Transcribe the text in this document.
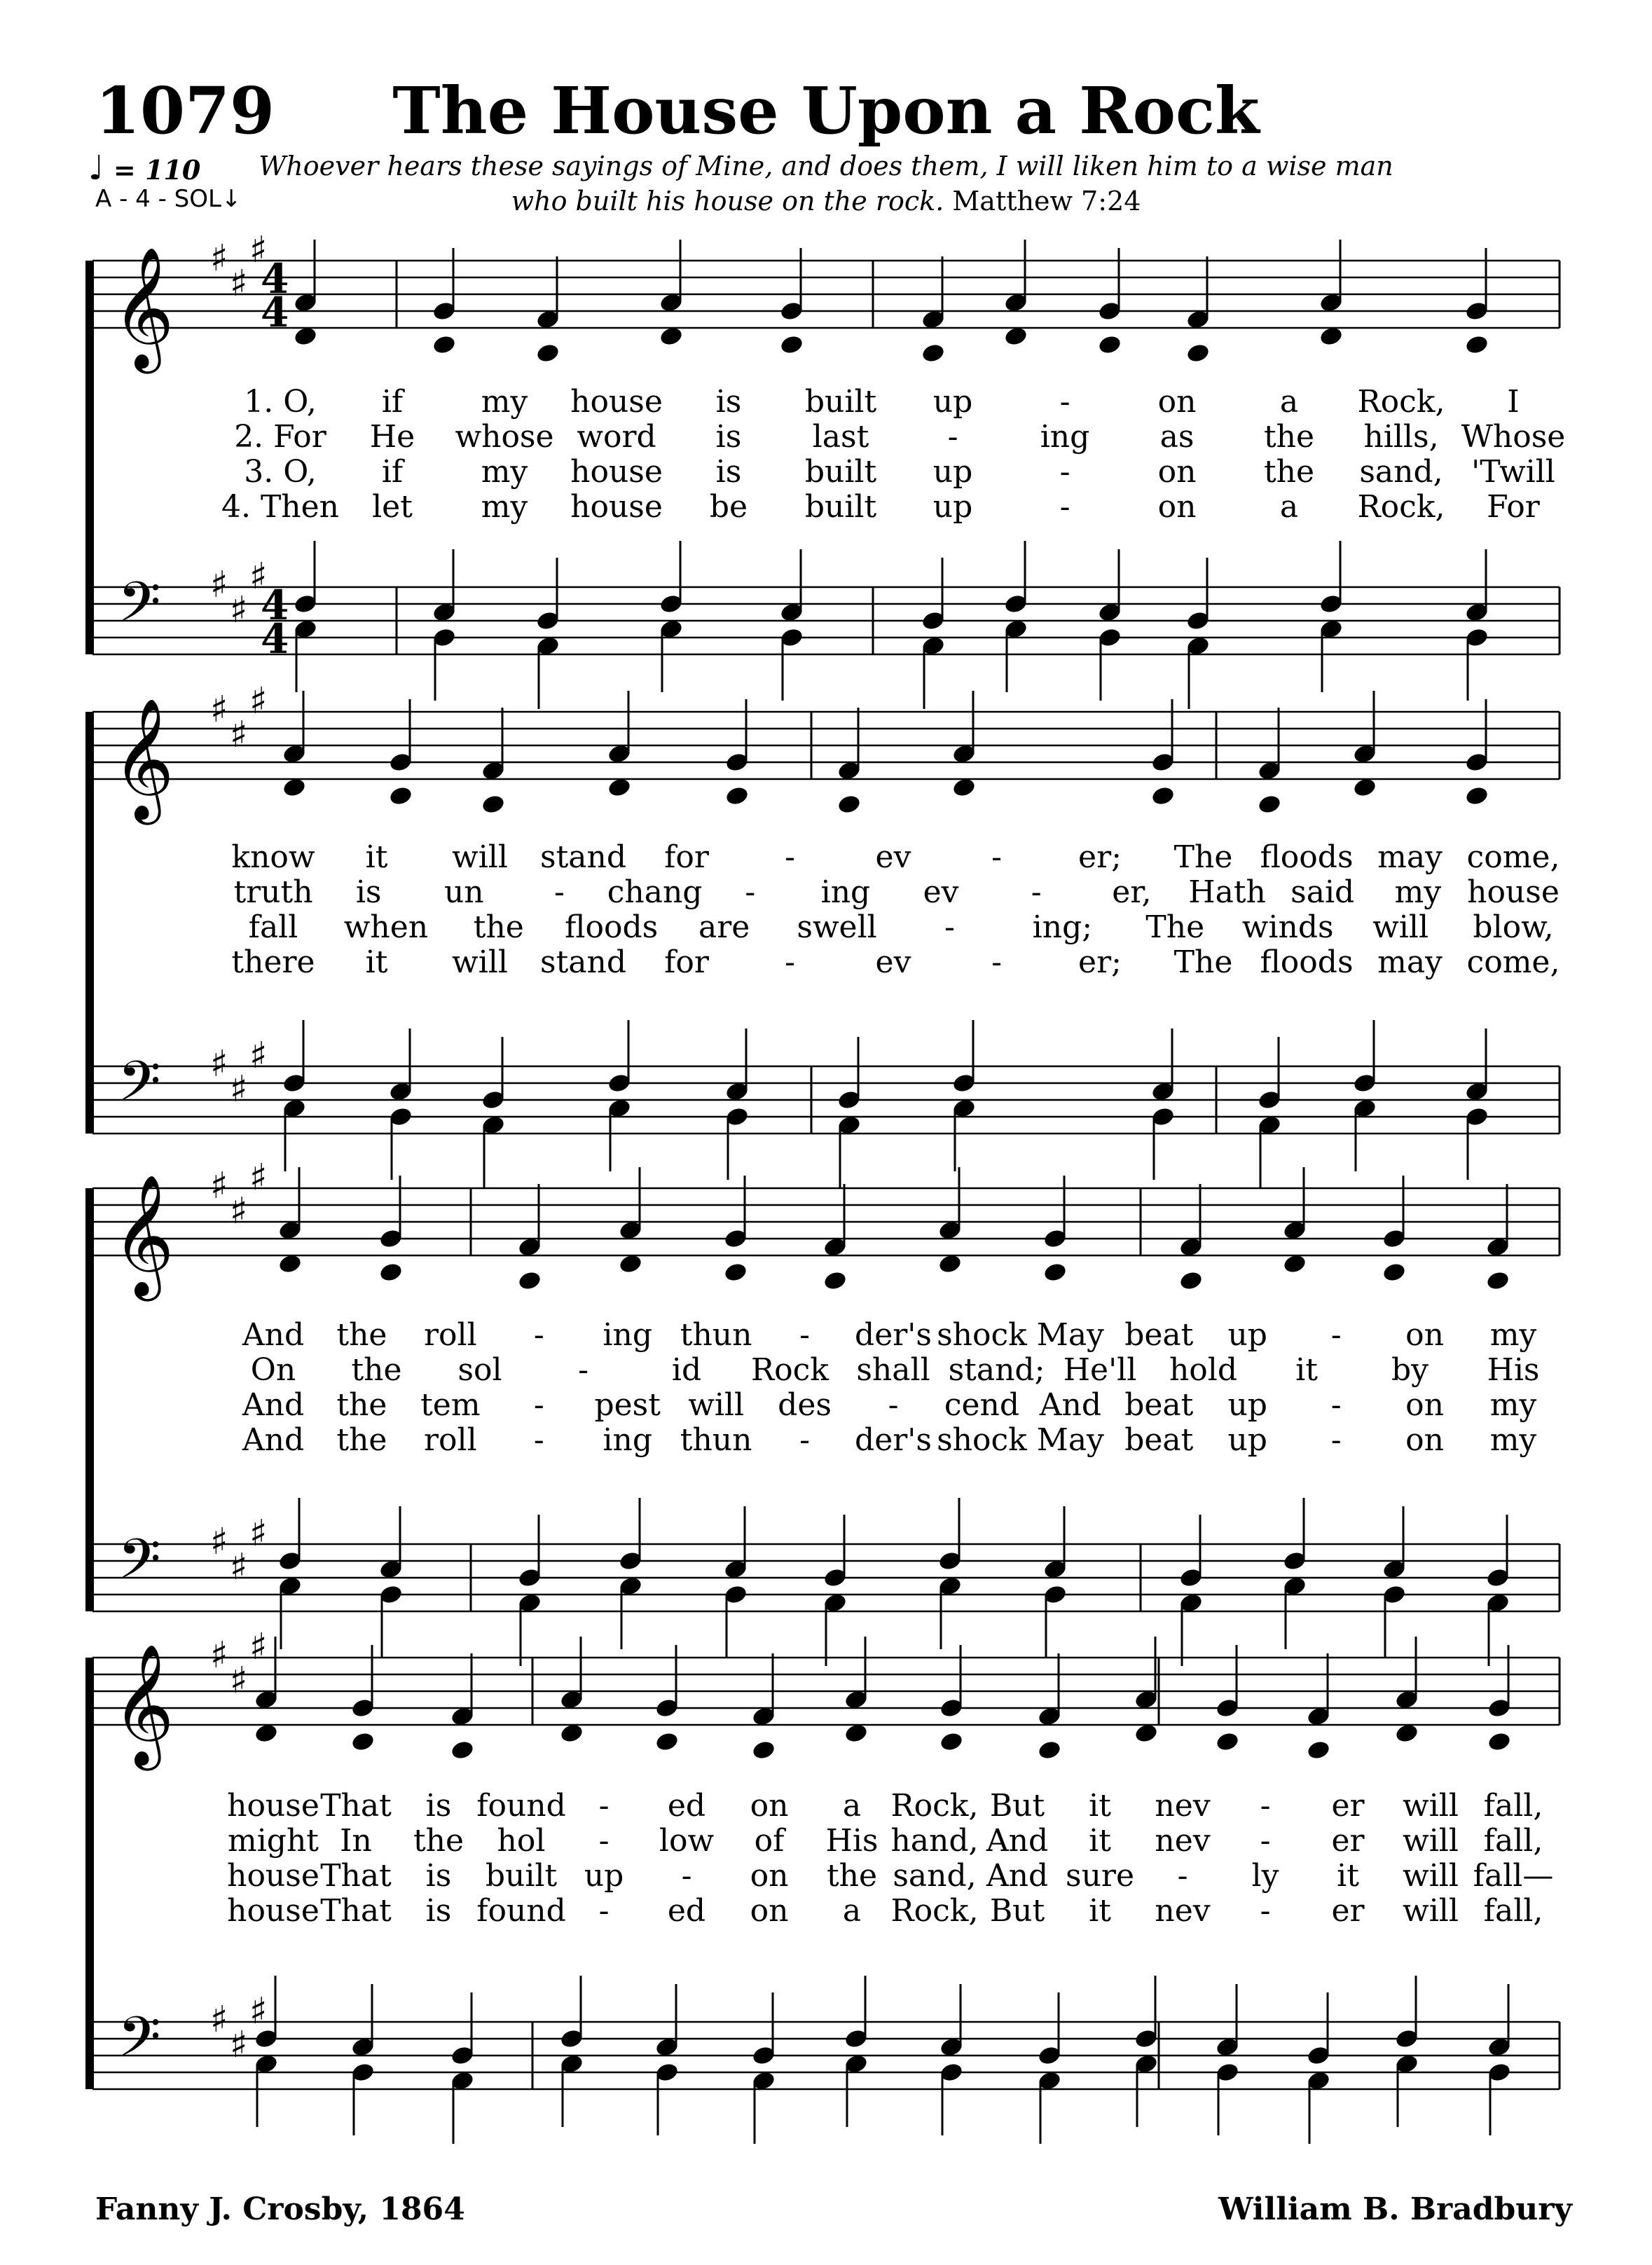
1079	The House Upon a Rock
♩ = 110
A - 4 - SOL↓
Whoever hears these sayings of Mine, and does them, I will liken him to a wise man
who built his house on the rock. Matthew 7:24
𝄞
𝄢
♯
♯
♯
♯
♯
♯
4
4
4
4
𝄞
𝄢
♯
♯
♯
♯
♯
♯
𝄞
𝄢
♯
♯
♯
♯
♯
♯
𝄞
𝄢
♯
♯
♯
♯
♯
♯
1. O, if	my house is built up	-	on	a Rock, I
2. For He whose word is last	-	ing as the hills, Whose
3. O, if	my house is built up	-	on the sand, 'Twill
4. Then let my house be built up	-	on	a Rock, For
know it will stand for -	ev	- er; The floods may come,
truth is un - chang - ing ev - er, Hath said my house
fall when the floods are swell -	ing; The winds will blow,
there it will stand for -	ev	- er; The floods may come,
And the roll - ing thun - der's shock May beat up - on my
On the sol -	id Rock shall stand; He'll hold it by His
And the tem - pest will des - cend And beat up - on my
And the roll - ing thun - der's shock May beat up - on my
house That is found - ed on a Rock, But it nev - er will fall,
might In the hol - low of His hand, And it nev - er will fall,
house That is built up - on the sand, And sure - ly it will fall—
house That is found - ed on a Rock, But it nev - er will fall,
Fanny J. Crosby, 1864	William B. Bradbury
